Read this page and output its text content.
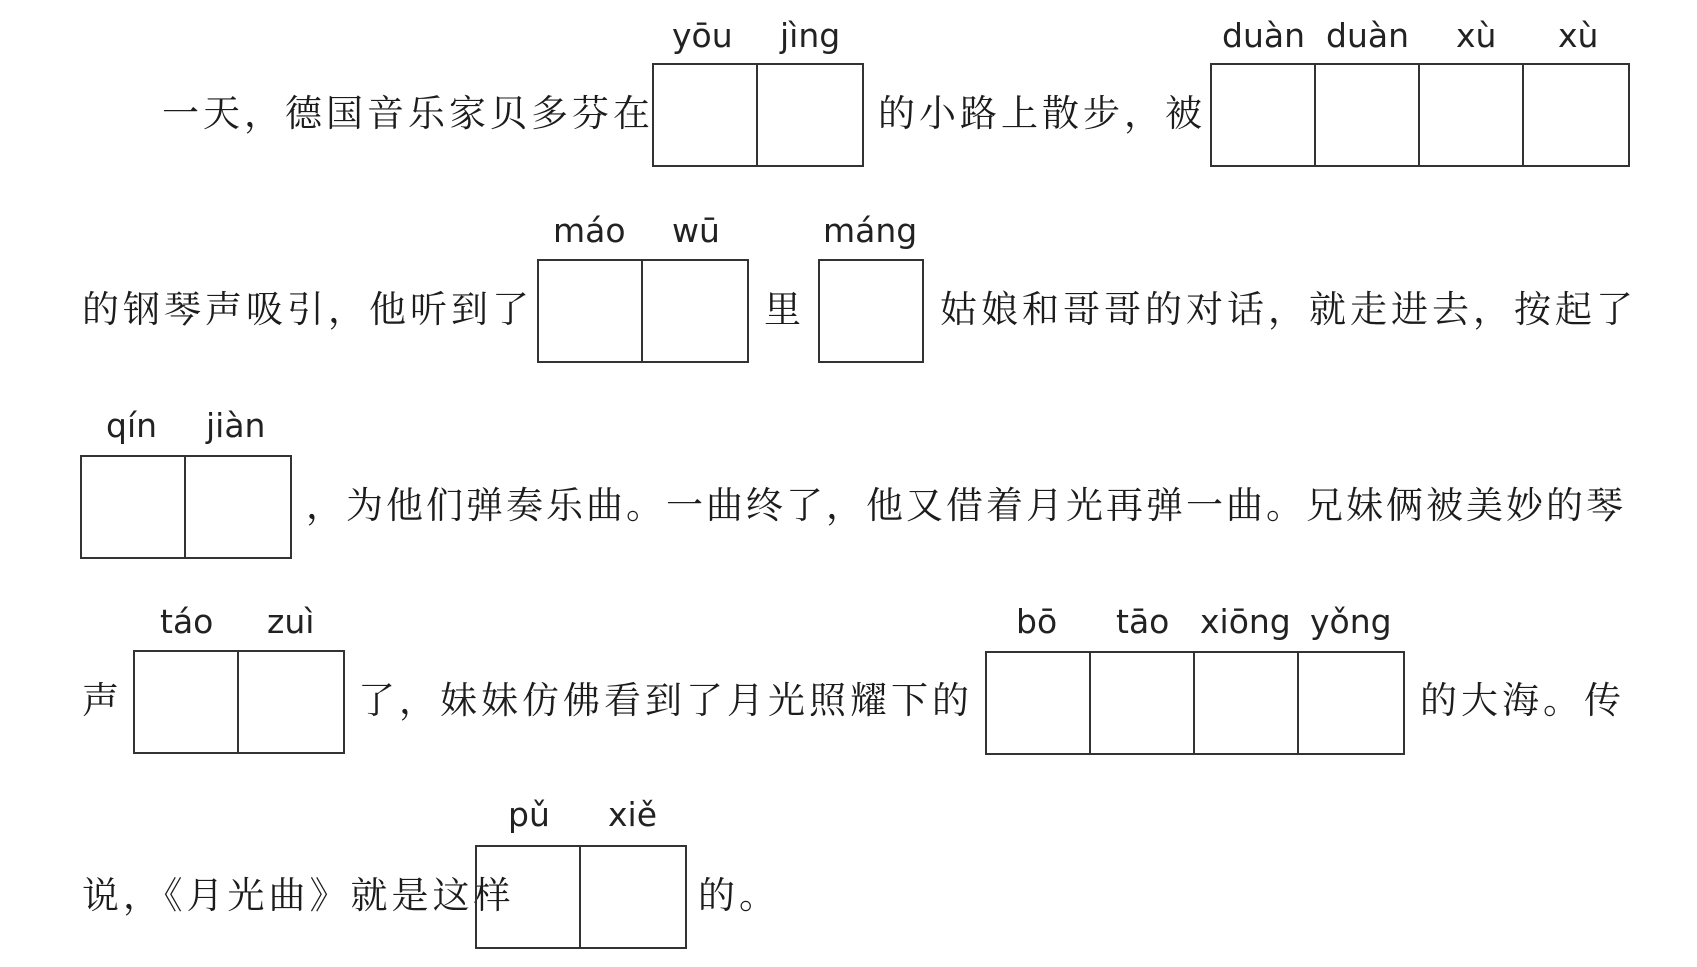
yōu jìng	duàn duàn xù xù
一天，德国音乐家贝多芬在	的小路上散步，被
máo wū	máng
的钢琴声吸引，他听到了	里	姑娘和哥哥的对话，就走进去，按起了
qín jiàn
，为他们弹奏乐曲。一曲终了，他又借着月光再弹一曲。兄妹俩被美妙的琴
táo zuì	bō tāo xiōng yǒng
声	了，妹妹仿佛看到了月光照耀下的	的大海。传
pǔ xiě
说，《月光曲》就是这样	的。
